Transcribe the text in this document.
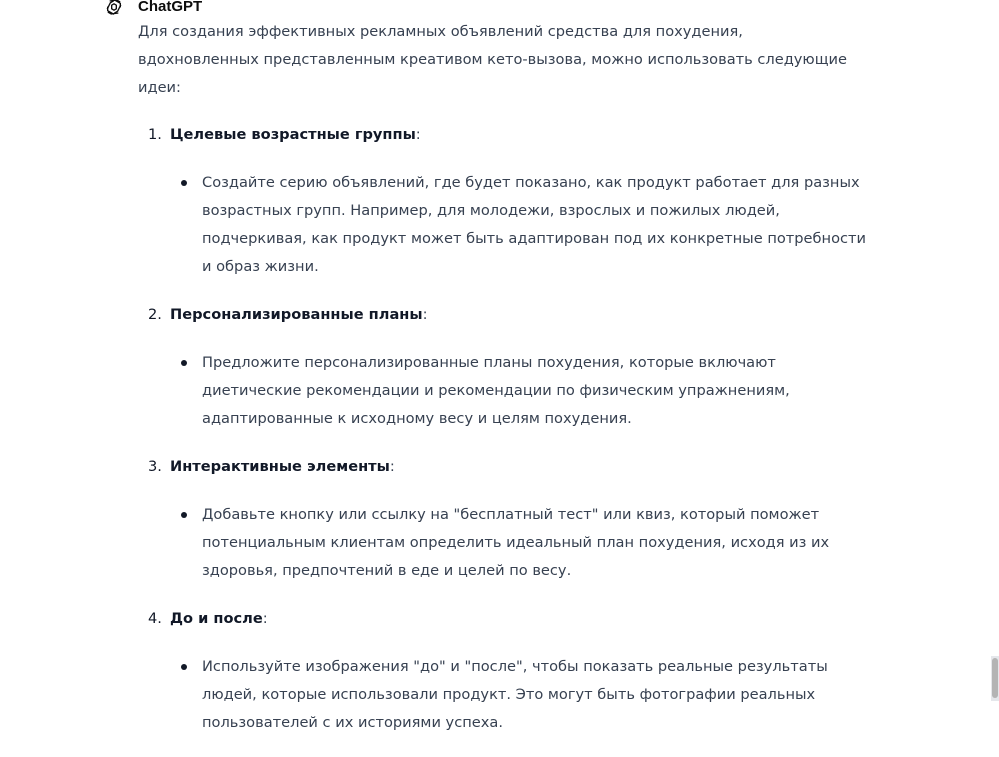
ChatGPT

Для создания эффективных рекламных объявлений средства для похудения, вдохновленных представленным креативом кето-вызова, можно использовать следующие идеи:

1. Целевые возрастные группы:

Создайте серию объявлений, где будет показано, как продукт работает для разных возрастных групп. Например, для молодежи, взрослых и пожилых людей, подчеркивая, как продукт может быть адаптирован под их конкретные потребности и образ жизни.
2. Персонализированные планы:

Предложите персонализированные планы похудения, которые включают диетические рекомендации и рекомендации по физическим упражнениям, адаптированные к исходному весу и целям похудения.
3. Интерактивные элементы:

Добавьте кнопку или ссылку на "бесплатный тест" или квиз, который поможет потенциальным клиентам определить идеальный план похудения, исходя из их здоровья, предпочтений в еде и целей по весу.
4. До и после:

Используйте изображения "до" и "после", чтобы показать реальные результаты людей, которые использовали продукт. Это могут быть фотографии реальных пользователей с их историями успеха.
